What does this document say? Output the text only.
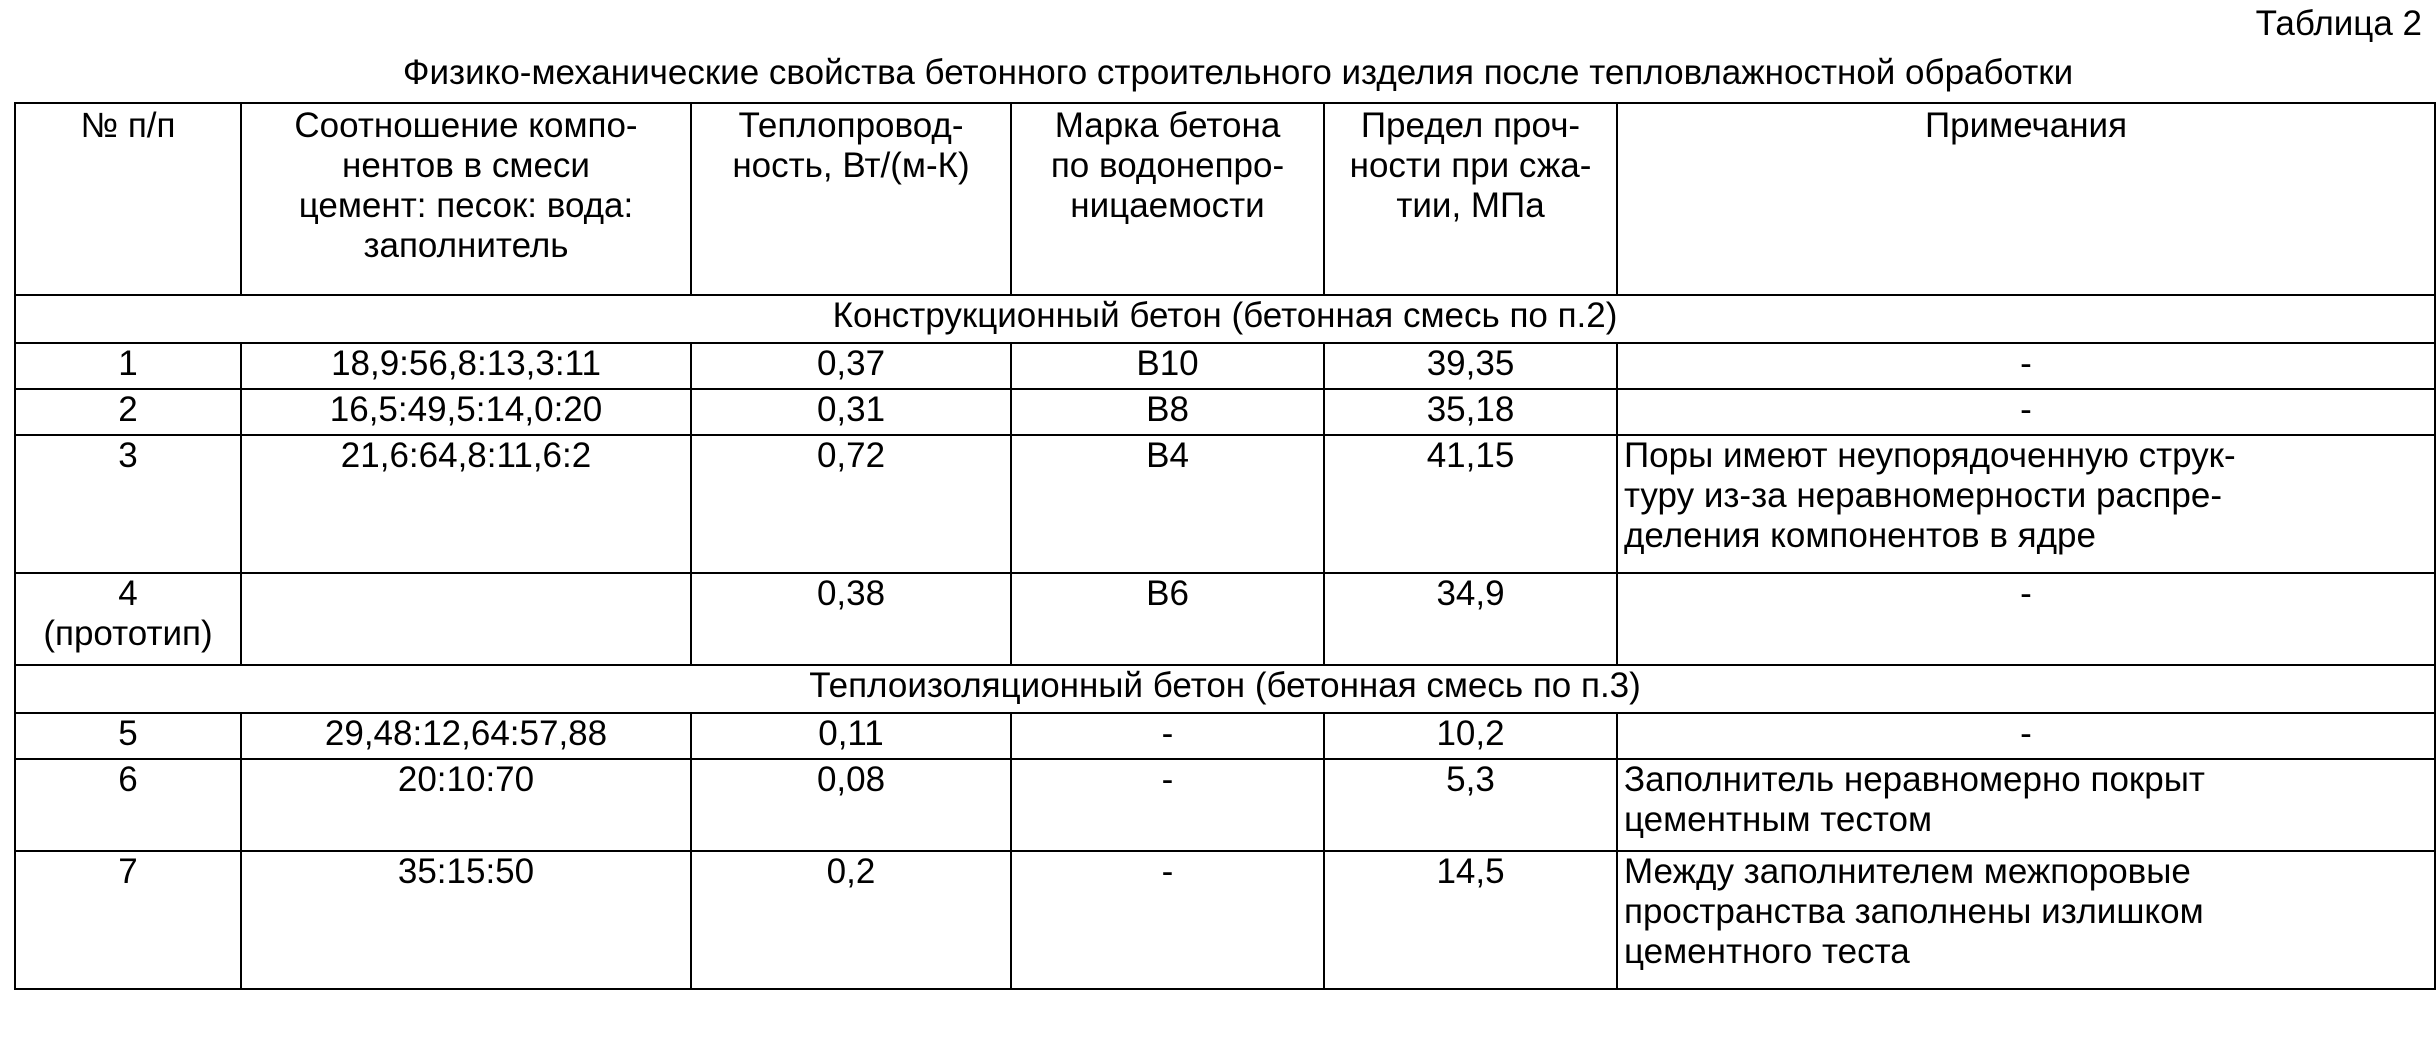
Таблица 2
Физико-механические свойства бетонного строительного изделия после тепловлажностной обработки
№ п/п	Соотношение компо-
нентов в смеси
цемент: песок: вода:
заполнитель	Теплопровод-
ность, Вт/(м-К)	Марка бетона
по водонепро-
ницаемости	Предел проч-
ности при сжа-
тии, МПа	Примечания
Конструкционный бетон (бетонная смесь по п.2)					

1	18,9:56,8:13,3:11	0,37	В10	39,35	-

2	16,5:49,5:14,0:20	0,31	В8	35,18	-

3	21,6:64,8:11,6:2	0,72	В4	41,15	Поры имеют неупорядоченную струк-
туру из-за неравномерности распре-
деления компонентов в ядре

4
(прототип)		0,38	В6	34,9	-

Теплоизоляционный бетон (бетонная смесь по п.3)					

5	29,48:12,64:57,88	0,11	-	10,2	-

6	20:10:70	0,08	-	5,3	Заполнитель неравномерно покрыт
цементным тестом

7	35:15:50	0,2	-	14,5	Между заполнителем межпоровые
пространства заполнены излишком
цементного теста
